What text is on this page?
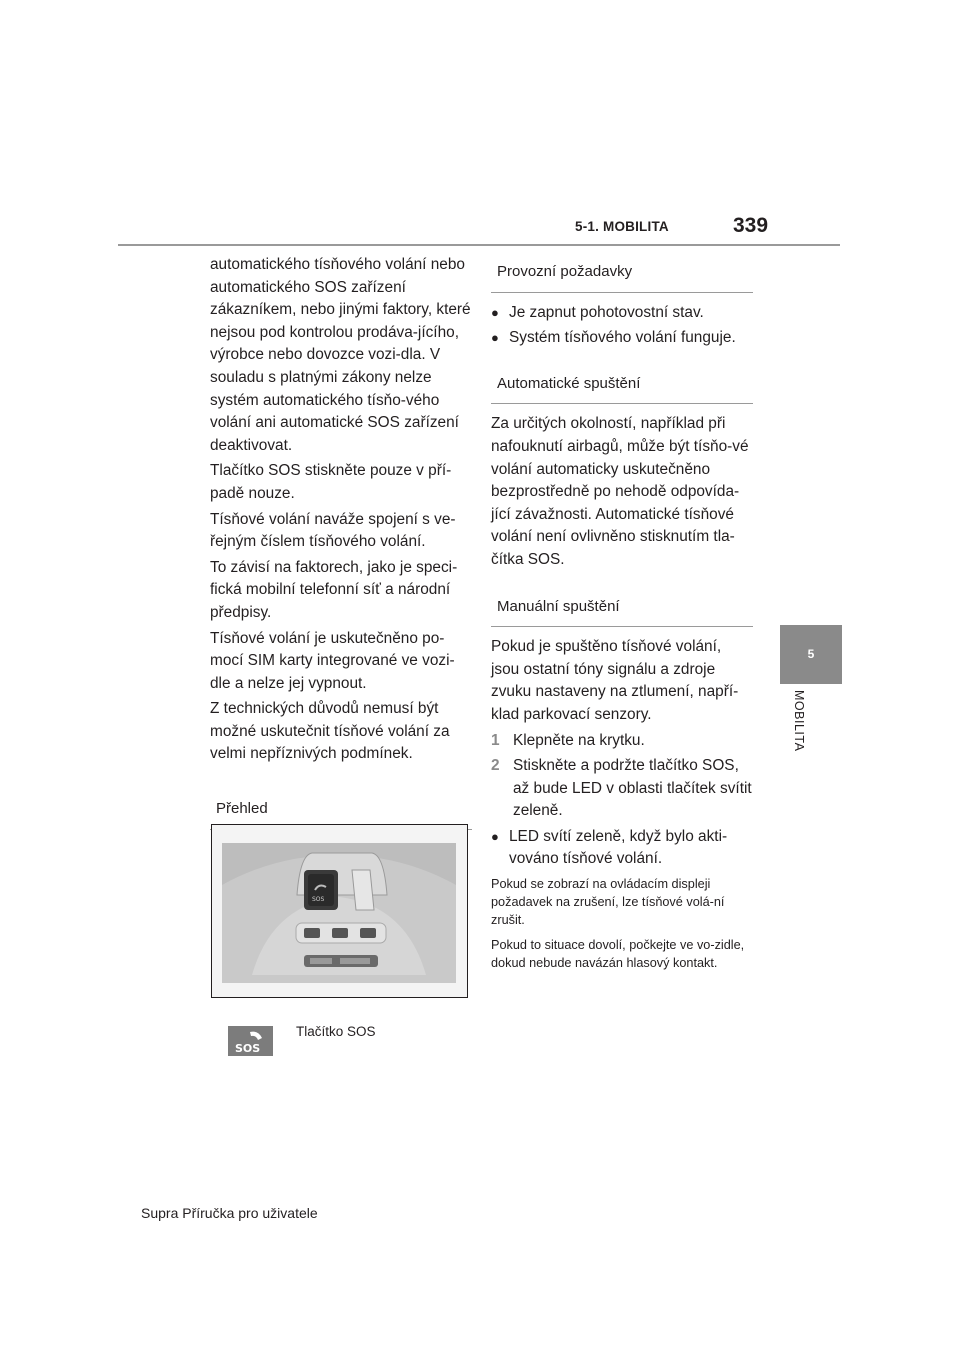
5-1. MOBILITA	339
5
MOBILITA

automatického tísňového volání nebo automatického SOS zařízení zákazníkem, nebo jinými faktory, které nejsou pod kontrolou prodáva-jícího, výrobce nebo dovozce vozi-dla. V souladu s platnými zákony nelze systém automatického tísňo-vého volání ani automatické SOS zařízení deaktivovat.

Tlačítko SOS stiskněte pouze v pří-padě nouze.

Tísňové volání naváže spojení s ve-řejným číslem tísňového volání.

To závisí na faktorech, jako je speci-fická mobilní telefonní síť a národní předpisy.

Tísňové volání je uskutečněno po-mocí SIM karty integrované ve vozi-dle a nelze jej vypnout.

Z technických důvodů nemusí být možné uskutečnit tísňové volání za velmi nepříznivých podmínek.

Přehled
SOS
SOS
Tlačítko SOS
Provozní požadavky
● Je zapnut pohotovostní stav.
● Systém tísňového volání funguje.
Automatické spuštění

Za určitých okolností, například při nafouknutí airbagů, může být tísňo-vé volání automaticky uskutečněno bezprostředně po nehodě odpovída-jící závažnosti. Automatické tísňové volání není ovlivněno stisknutím tla-čítka SOS.

Manuální spuštění

Pokud je spuštěno tísňové volání, jsou ostatní tóny signálu a zdroje zvuku nastaveny na ztlumení, napří-klad parkovací senzory.

1 Klepněte na krytku.
2 Stiskněte a podržte tlačítko SOS, až bude LED v oblasti tlačítek svítit zeleně.
● LED svítí zeleně, když bylo akti-vováno tísňové volání.

Pokud se zobrazí na ovládacím displeji požadavek na zrušení, lze tísňové volá-ní zrušit.

Pokud to situace dovolí, počkejte ve vo-zidle, dokud nebude navázán hlasový kontakt.

Supra Příručka pro uživatele
